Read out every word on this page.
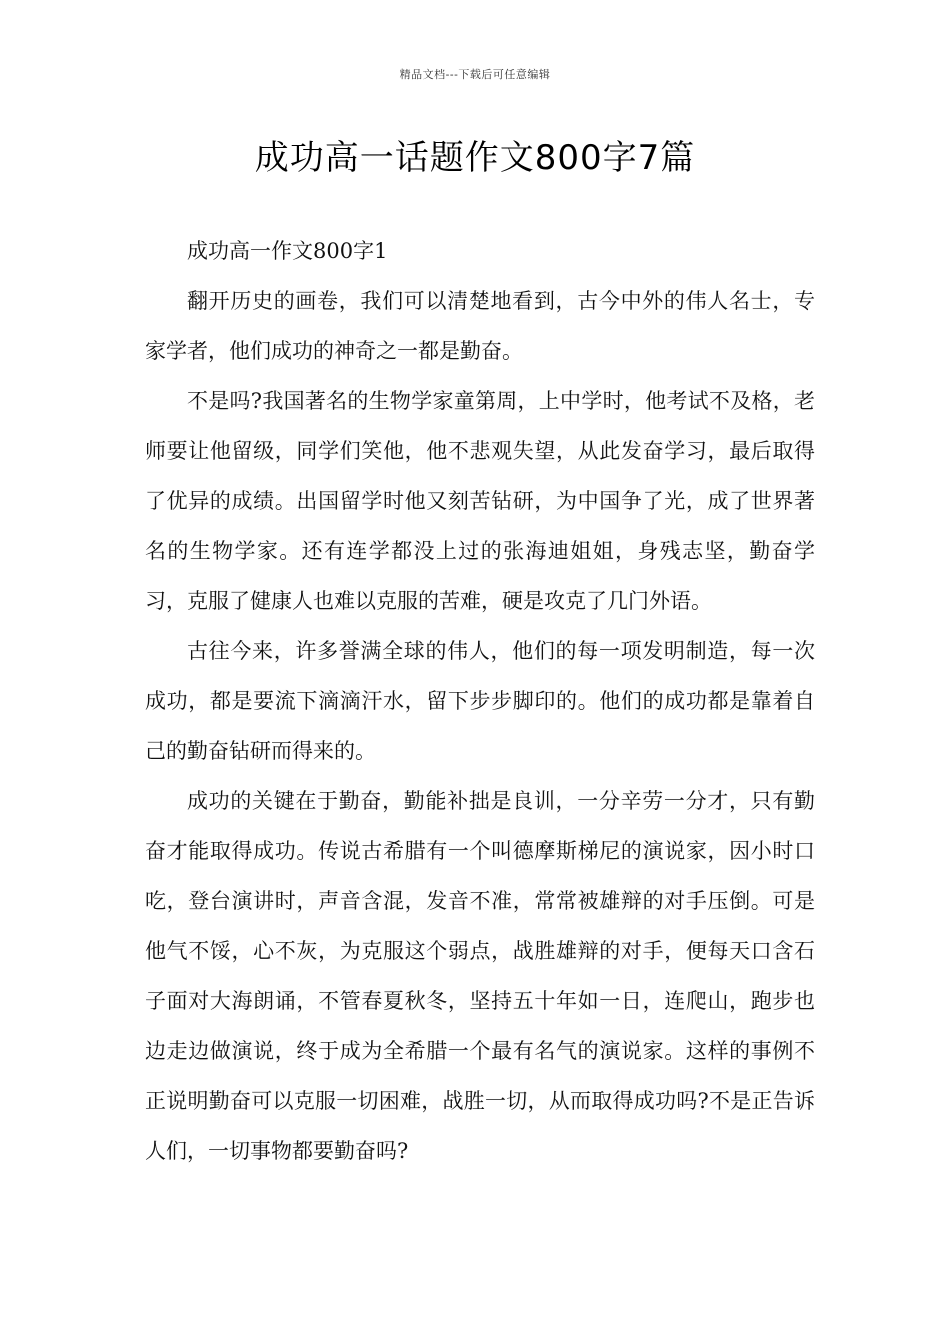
精品文档---下载后可任意编辑
成功高一话题作文800字7篇

成功高一作文800字1

翻开历史的画卷，我们可以清楚地看到，古今中外的伟人名士，专家学者，他们成功的神奇之一都是勤奋。

不是吗?我国著名的生物学家童第周，上中学时，他考试不及格，老师要让他留级，同学们笑他，他不悲观失望，从此发奋学习，最后取得了优异的成绩。出国留学时他又刻苦钻研，为中国争了光，成了世界著名的生物学家。还有连学都没上过的张海迪姐姐，身残志坚，勤奋学习，克服了健康人也难以克服的苦难，硬是攻克了几门外语。

古往今来，许多誉满全球的伟人，他们的每一项发明制造，每一次成功，都是要流下滴滴汗水，留下步步脚印的。他们的成功都是靠着自己的勤奋钻研而得来的。

成功的关键在于勤奋，勤能补拙是良训，一分辛劳一分才，只有勤奋才能取得成功。传说古希腊有一个叫德摩斯梯尼的演说家，因小时口吃，登台演讲时，声音含混，发音不准，常常被雄辩的对手压倒。可是他气不馁，心不灰，为克服这个弱点，战胜雄辩的对手，便每天口含石子面对大海朗诵，不管春夏秋冬，坚持五十年如一日，连爬山，跑步也边走边做演说，终于成为全希腊一个最有名气的演说家。这样的事例不正说明勤奋可以克服一切困难，战胜一切，从而取得成功吗?不是正告诉人们，一切事物都要勤奋吗?
